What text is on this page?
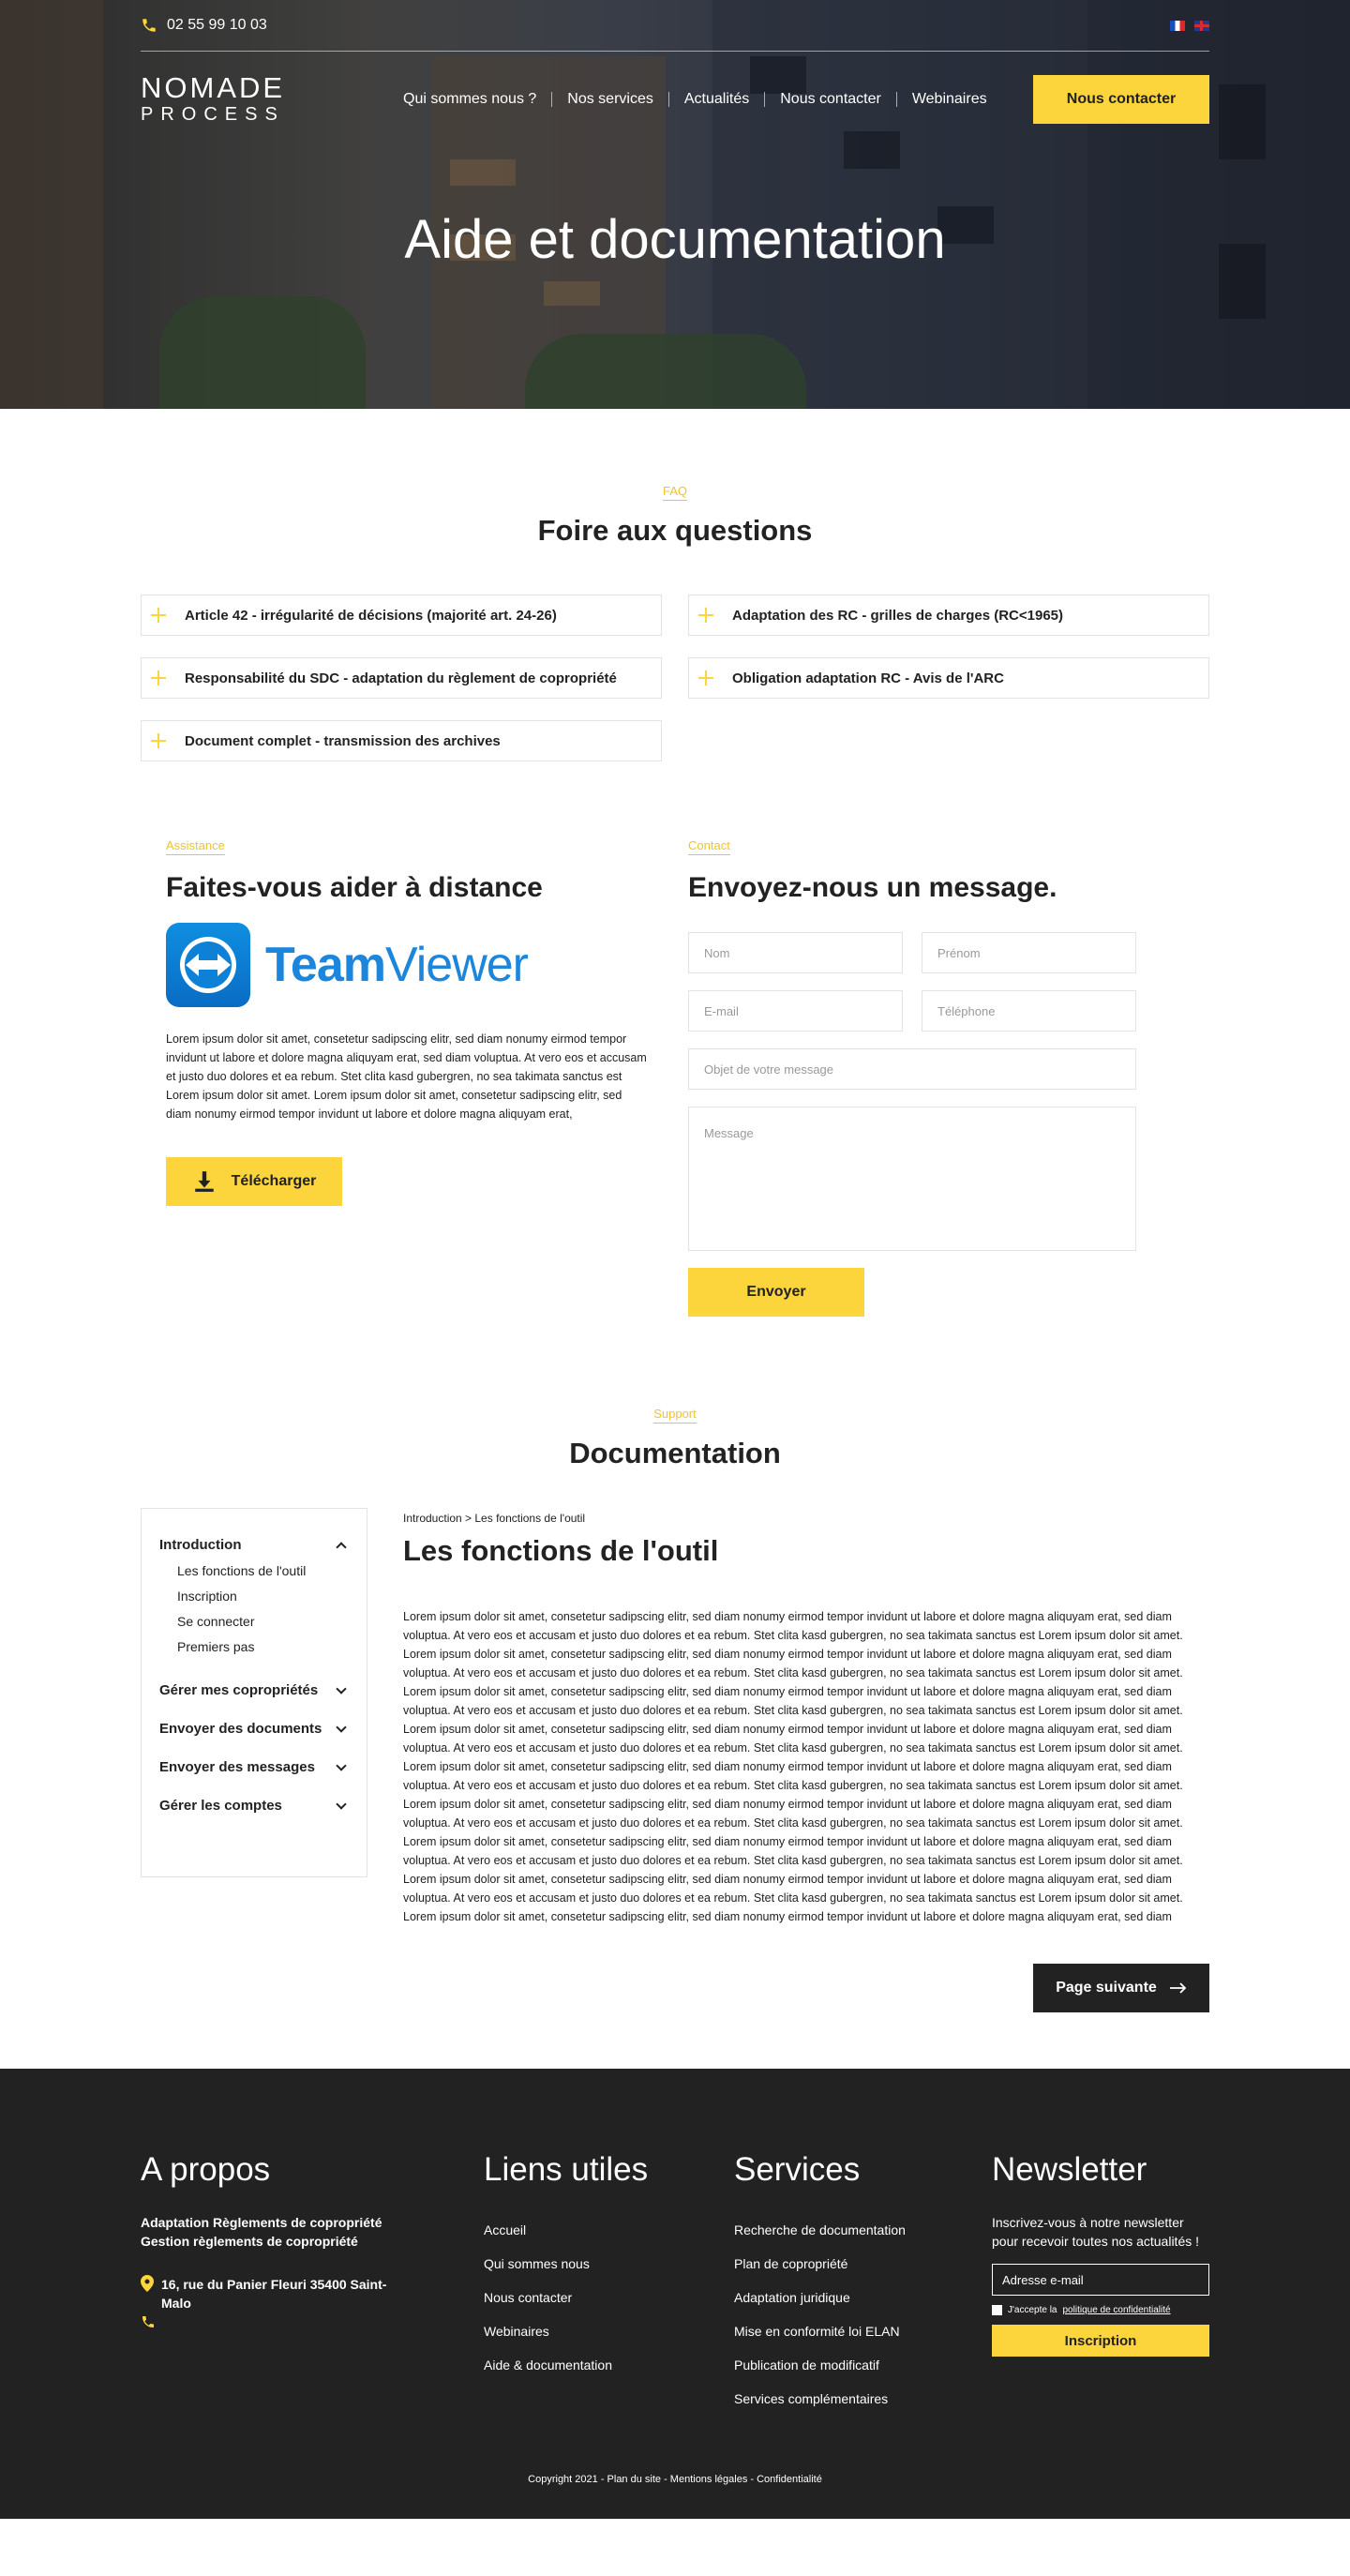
02 55 99 10 03
NOMADE
PROCESS
Qui sommes nous ? Nos services Actualités Nous contacter Webinaires	Nous contacter
Aide et documentation
FAQ
Foire aux questions
Article 42 - irrégularité de décisions (majorité art. 24-26)	Adaptation des RC - grilles de charges (RC<1965)
Responsabilité du SDC - adaptation du règlement de copropriété	Obligation adaptation RC - Avis de l'ARC
Document complet - transmission des archives
Assistance
Faites-vous aider à distance
TeamViewer

Lorem ipsum dolor sit amet, consetetur sadipscing elitr, sed diam nonumy eirmod tempor invidunt ut labore et dolore magna aliquyam erat, sed diam voluptua. At vero eos et accusam et justo duo dolores et ea rebum. Stet clita kasd gubergren, no sea takimata sanctus est Lorem ipsum dolor sit amet. Lorem ipsum dolor sit amet, consetetur sadipscing elitr, sed diam nonumy eirmod tempor invidunt ut labore et dolore magna aliquyam erat,

Télécharger
Contact
Envoyez-nous un message.
Nom	Prénom
E-mail	Téléphone
Objet de votre message
Message
Envoyer
Support
Documentation
Introduction
Les fonctions de l'outil
Inscription
Se connecter
Premiers pas
Gérer mes copropriétés
Envoyer des documents
Envoyer des messages
Gérer les comptes
Introduction > Les fonctions de l'outil
Les fonctions de l'outil

Lorem ipsum dolor sit amet, consetetur sadipscing elitr, sed diam nonumy eirmod tempor invidunt ut labore et dolore magna aliquyam erat, sed diam voluptua. At vero eos et accusam et justo duo dolores et ea rebum. Stet clita kasd gubergren, no sea takimata sanctus est Lorem ipsum dolor sit amet. Lorem ipsum dolor sit amet, consetetur sadipscing elitr, sed diam nonumy eirmod tempor invidunt ut labore et dolore magna aliquyam erat, sed diam voluptua. At vero eos et accusam et justo duo dolores et ea rebum. Stet clita kasd gubergren, no sea takimata sanctus est Lorem ipsum dolor sit amet. Lorem ipsum dolor sit amet, consetetur sadipscing elitr, sed diam nonumy eirmod tempor invidunt ut labore et dolore magna aliquyam erat, sed diam voluptua. At vero eos et accusam et justo duo dolores et ea rebum. Stet clita kasd gubergren, no sea takimata sanctus est Lorem ipsum dolor sit amet. Lorem ipsum dolor sit amet, consetetur sadipscing elitr, sed diam nonumy eirmod tempor invidunt ut labore et dolore magna aliquyam erat, sed diam voluptua. At vero eos et accusam et justo duo dolores et ea rebum. Stet clita kasd gubergren, no sea takimata sanctus est Lorem ipsum dolor sit amet. Lorem ipsum dolor sit amet, consetetur sadipscing elitr, sed diam nonumy eirmod tempor invidunt ut labore et dolore magna aliquyam erat, sed diam voluptua. At vero eos et accusam et justo duo dolores et ea rebum. Stet clita kasd gubergren, no sea takimata sanctus est Lorem ipsum dolor sit amet. Lorem ipsum dolor sit amet, consetetur sadipscing elitr, sed diam nonumy eirmod tempor invidunt ut labore et dolore magna aliquyam erat, sed diam voluptua. At vero eos et accusam et justo duo dolores et ea rebum. Stet clita kasd gubergren, no sea takimata sanctus est Lorem ipsum dolor sit amet. Lorem ipsum dolor sit amet, consetetur sadipscing elitr, sed diam nonumy eirmod tempor invidunt ut labore et dolore magna aliquyam erat, sed diam voluptua. At vero eos et accusam et justo duo dolores et ea rebum. Stet clita kasd gubergren, no sea takimata sanctus est Lorem ipsum dolor sit amet. Lorem ipsum dolor sit amet, consetetur sadipscing elitr, sed diam nonumy eirmod tempor invidunt ut labore et dolore magna aliquyam erat, sed diam voluptua. At vero eos et accusam et justo duo dolores et ea rebum. Stet clita kasd gubergren, no sea takimata sanctus est Lorem ipsum dolor sit amet. Lorem ipsum dolor sit amet, consetetur sadipscing elitr, sed diam nonumy eirmod tempor invidunt ut labore et dolore magna aliquyam erat, sed diam

Page suivante
A propos
Adaptation Règlements de copropriété
Gestion règlements de copropriété
16, rue du Panier Fleuri 35400 Saint-Malo
Liens utiles
Accueil
Qui sommes nous
Nous contacter
Webinaires
Aide & documentation
Services
Recherche de documentation
Plan de copropriété
Adaptation juridique
Mise en conformité loi ELAN
Publication de modificatif
Services complémentaires
Newsletter
Inscrivez-vous à notre newsletter pour recevoir toutes nos actualités !
Adresse e-mail
J'accepte la politique de confidentialité
Inscription
Copyright 2021 - Plan du site - Mentions légales - Confidentialité
